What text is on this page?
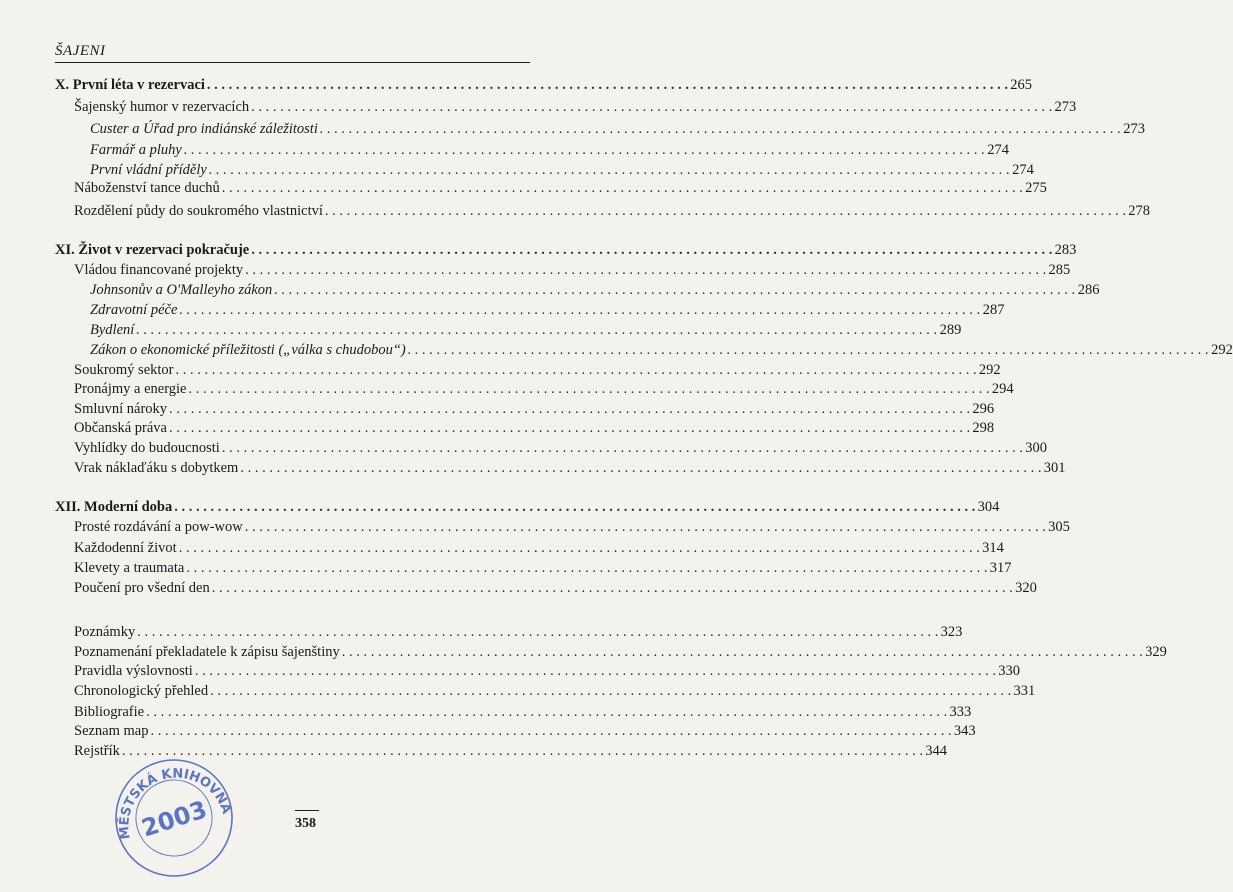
ŠAJENI
X. První léta v rezervaci . . .	265
Šajenský humor v rezervacích . . .	273
Custer a Úřad pro indiánské záležitosti . . .	273
Farmář a pluhy . . .	274
První vládní příděly . . .	274
Náboženství tance duchů . . .	275
Rozdělení půdy do soukromého vlastnictví . . .	278
XI. Život v rezervaci pokračuje . . .	283
Vládou financované projekty . . .	285
Johnsonův a O'Malleyho zákon . . .	286
Zdravotní péče . . .	287
Bydlení . . .	289
Zákon o ekonomické příležitosti („válka s chudobou“) . . .	292
Soukromý sektor . . .	292
Pronájmy a energie . . .	294
Smluvní nároky . . .	296
Občanská práva . . .	298
Vyhlídky do budoucnosti . . .	300
Vrak náklaďáku s dobytkem . . .	301
XII. Moderní doba . . .	304
Prosté rozdávání a pow-wow . . .	305
Každodenní život . . .	314
Klevety a traumata . . .	317
Poučení pro všední den . . .	320
Poznámky . . .	323
Poznamenání překladatele k zápisu šajenštiny . . .	329
Pravidla výslovnosti . . .	330
Chronologický přehled . . .	331
Bibliografie . . .	333
Seznam map . . .	343
Rejstřík . . .	344
358
MĚSTSKÁ KNIHOVNA
2003
